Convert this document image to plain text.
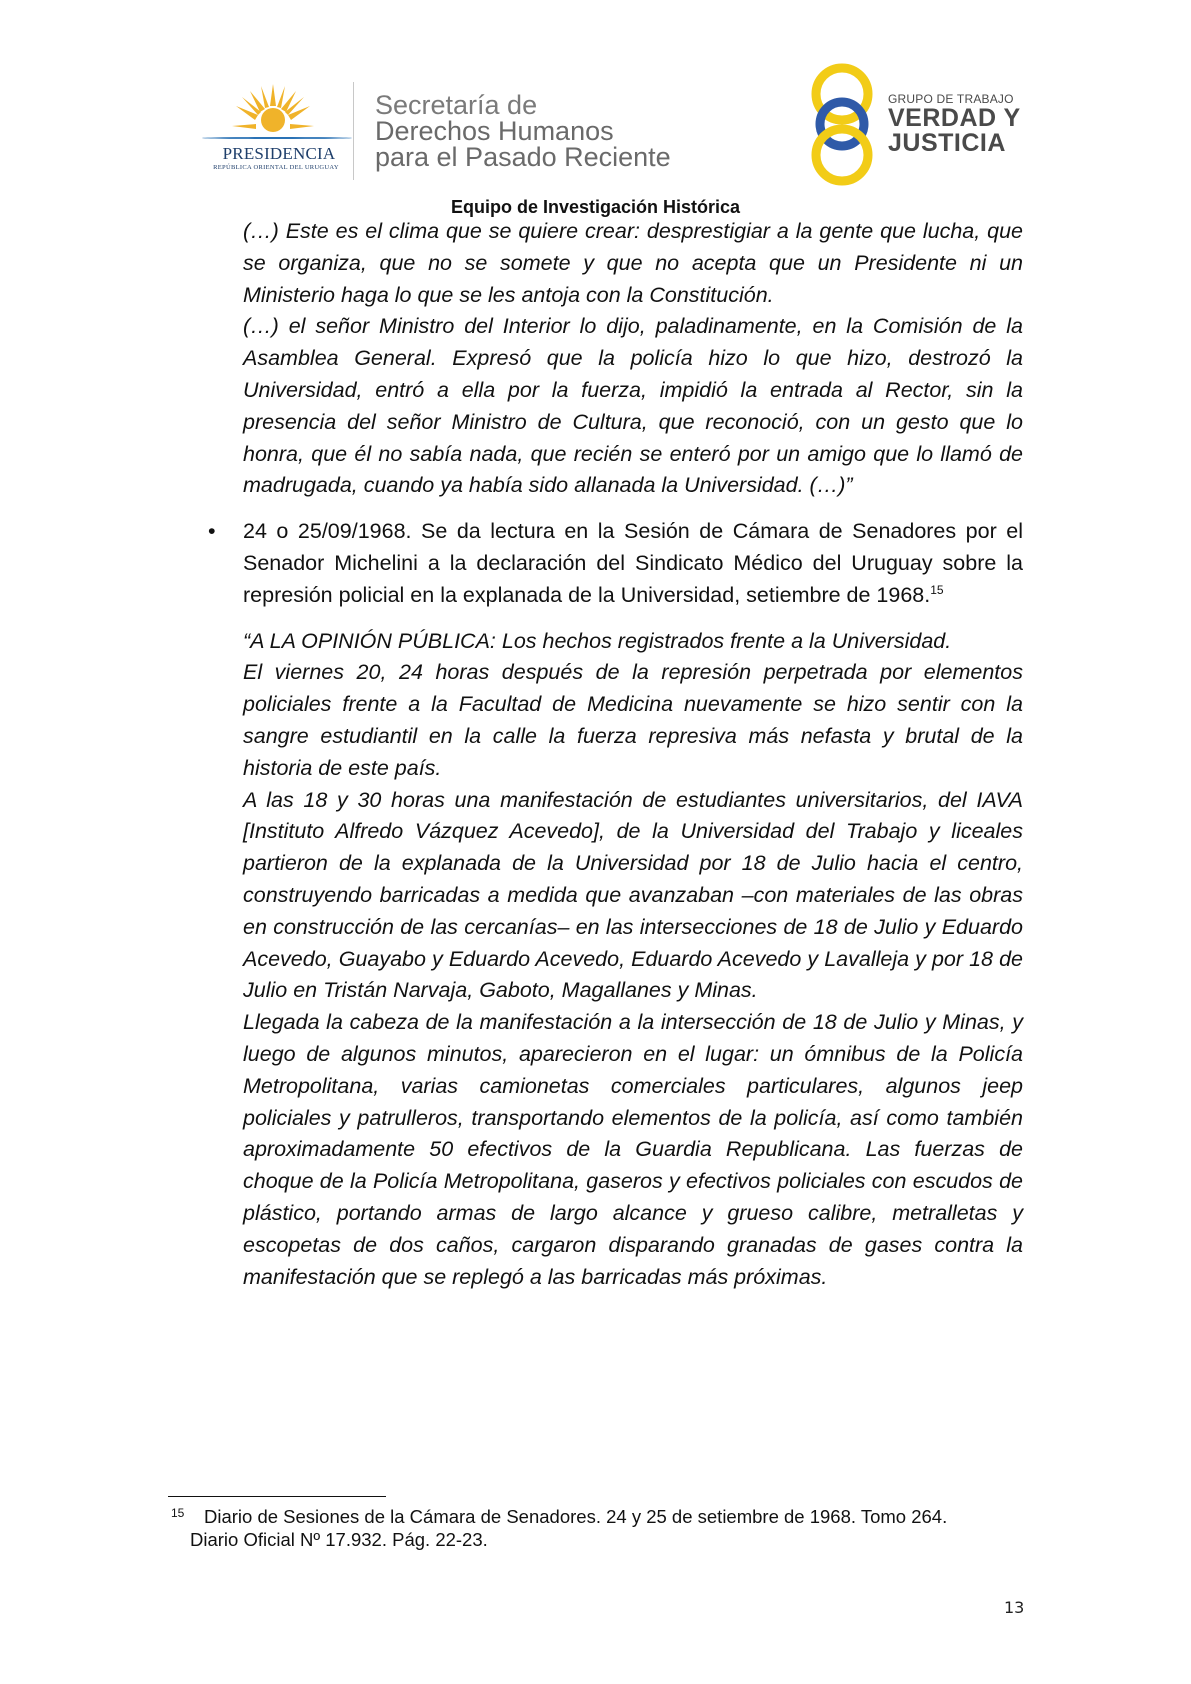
PRESIDENCIA
REPÚBLICA ORIENTAL DEL URUGUAY
Secretaría de
Derechos Humanos
para el Pasado Reciente
GRUPO DE TRABAJO
VERDAD Y
JUSTICIA
Equipo de Investigación Histórica

(…) Este es el clima que se quiere crear: desprestigiar a la gente que lucha, que se organiza, que no se somete y que no acepta que un Presidente ni un Ministerio haga lo que se les antoja con la Constitución.

(…) el señor Ministro del Interior lo dijo, paladinamente, en la Comisión de la Asamblea General. Expresó que la policía hizo lo que hizo, destrozó la Universidad, entró a ella por la fuerza, impidió la entrada al Rector, sin la presencia del señor Ministro de Cultura, que reconoció, con un gesto que lo honra, que él no sabía nada, que recién se enteró por un amigo que lo llamó de madrugada, cuando ya había sido allanada la Universidad. (…)”

• 24 o 25/09/1968. Se da lectura en la Sesión de Cámara de Senadores por el Senador Michelini a la declaración del Sindicato Médico del Uruguay sobre la represión policial en la explanada de la Universidad, setiembre de 1968.15

“A LA OPINIÓN PÚBLICA: Los hechos registrados frente a la Universidad.

El viernes 20, 24 horas después de la represión perpetrada por elementos policiales frente a la Facultad de Medicina nuevamente se hizo sentir con la sangre estudiantil en la calle la fuerza represiva más nefasta y brutal de la historia de este país.

A las 18 y 30 horas una manifestación de estudiantes universitarios, del IAVA [Instituto Alfredo Vázquez Acevedo], de la Universidad del Trabajo y liceales partieron de la explanada de la Universidad por 18 de Julio hacia el centro, construyendo barricadas a medida que avanzaban –con materiales de las obras en construcción de las cercanías– en las intersecciones de 18 de Julio y Eduardo Acevedo, Guayabo y Eduardo Acevedo, Eduardo Acevedo y Lavalleja y por 18 de Julio en Tristán Narvaja, Gaboto, Magallanes y Minas.

Llegada la cabeza de la manifestación a la intersección de 18 de Julio y Minas, y luego de algunos minutos, aparecieron en el lugar: un ómnibus de la Policía Metropolitana, varias camionetas comerciales particulares, algunos jeep policiales y patrulleros, transportando elementos de la policía, así como también aproximadamente 50 efectivos de la Guardia Republicana. Las fuerzas de choque de la Policía Metropolitana, gaseros y efectivos policiales con escudos de plástico, portando armas de largo alcance y grueso calibre, metralletas y escopetas de dos caños, cargaron disparando granadas de gases contra la manifestación que se replegó a las barricadas más próximas.

15	Diario de Sesiones de la Cámara de Senadores. 24 y 25 de setiembre de 1968. Tomo 264.
Diario Oficial Nº 17.932. Pág. 22-23.
13
